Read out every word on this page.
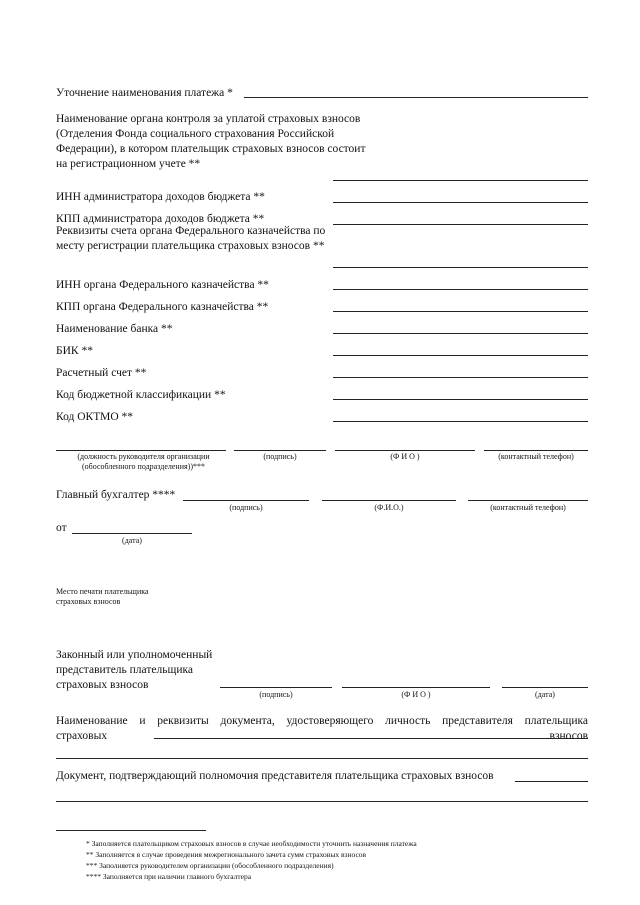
Уточнение наименования платежа *
Наименование органа контроля за уплатой страховых взносов (Отделения Фонда социального страхования Российской Федерации), в котором плательщик страховых взносов состоит на регистрационном учете **
ИНН администратора доходов бюджета **
КПП администратора доходов бюджета **
Реквизиты счета органа Федерального казначейства по месту регистрации плательщика страховых взносов **
ИНН органа Федерального казначейства **
КПП органа Федерального казначейства **
Наименование банка **
БИК **
Расчетный счет **
Код бюджетной классификации **
Код ОКТМО **
(должность руководителя организации (обособленного подразделения))***
(подпись)	(Ф И О )	(контактный телефон)
Главный бухгалтер ****
(подпись)	(Ф.И.О.)	(контактный телефон)
от
(дата)
Место печати плательщика страховых взносов
Законный или уполномоченный представитель плательщика страховых взносов
(подпись)	(Ф И О )	(дата)
Наименование и реквизиты документа, удостоверяющего личность представителя плательщика страховых взносов
Документ, подтверждающий полномочия представителя плательщика страховых взносов
* Заполняется плательщиком страховых взносов в случае необходимости уточнить назначения платежа
** Заполняется в случае проведения межрегионального зачета сумм страховых взносов
*** Заполняется руководителем организации (обособленного подразделения)
**** Заполняется при наличии главного бухгалтера
